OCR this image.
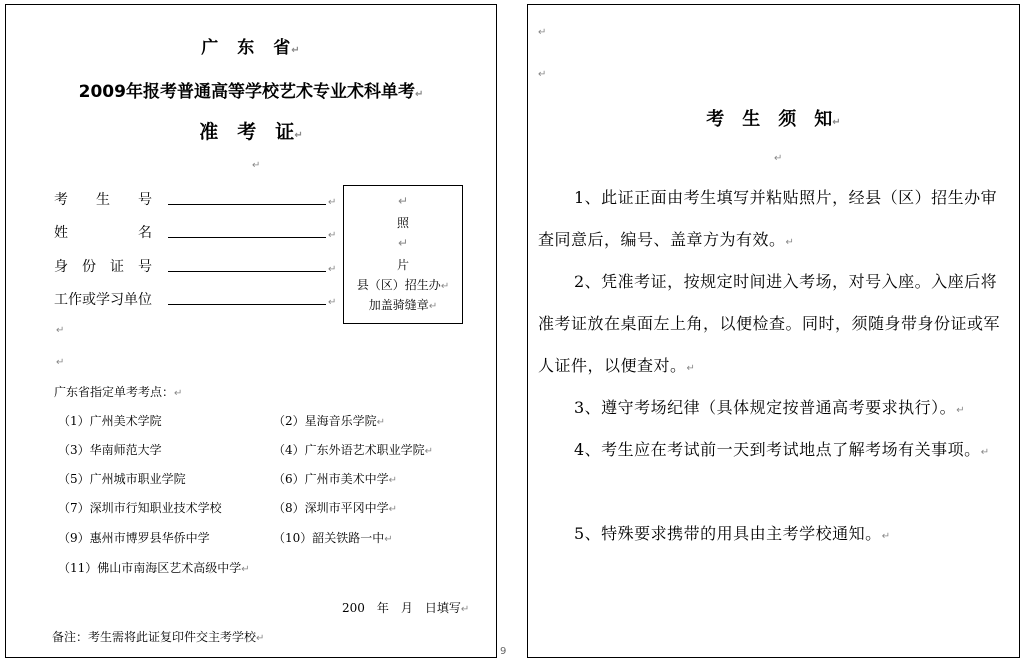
广　东　省↵
2009年报考普通高等学校艺术专业术科单考↵
准　考　证↵
↵
考　　生　　号	↵
姓　　　　　名	↵
身　份　证　号	↵
工作或学习单位	↵
↵
照
↵
片
县（区）招生办↵
加盖骑缝章↵
↵
↵
广东省指定单考考点：↵
（1）广州美术学院	（2）星海音乐学院↵
（3）华南师范大学	（4）广东外语艺术职业学院↵
（5）广州城市职业学院	（6）广州市美术中学↵
（7）深圳市行知职业技术学校	（8）深圳市平冈中学↵
（9）惠州市博罗县华侨中学	（10）韶关铁路一中↵
（11）佛山市南海区艺术高级中学↵
200　年　月　日填写↵
备注：考生需将此证复印件交主考学校↵
9
↵
↵
考　生　须　知↵
↵
1、此证正面由考生填写并粘贴照片，经县（区）招生办审查同意后，编号、盖章方为有效。↵
2、凭准考证，按规定时间进入考场，对号入座。入座后将准考证放在桌面左上角，以便检查。同时，须随身带身份证或军人证件，以便查对。↵
3、遵守考场纪律（具体规定按普通高考要求执行）。↵
4、考生应在考试前一天到考试地点了解考场有关事项。↵
5、特殊要求携带的用具由主考学校通知。↵
